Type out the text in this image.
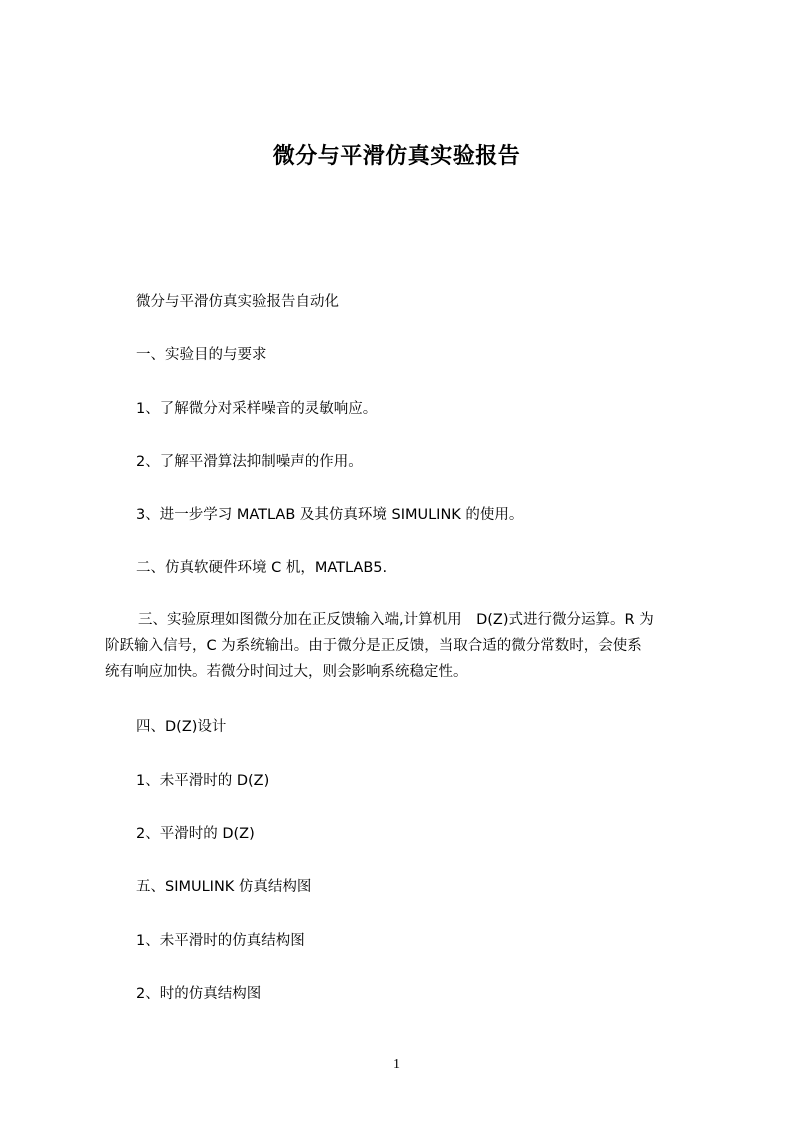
微分与平滑仿真实验报告
微分与平滑仿真实验报告自动化
一、实验目的与要求
1、了解微分对采样噪音的灵敏响应。
2、了解平滑算法抑制噪声的作用。
3、进一步学习 MATLAB 及其仿真环境 SIMULINK 的使用。
二、仿真软硬件环境 C 机，MATLAB5.
三、实验原理如图微分加在正反馈输入端,计算机用　D(Z)式进行微分运算。R 为
阶跃输入信号，C 为系统输出。由于微分是正反馈，当取合适的微分常数时，会使系
统有响应加快。若微分时间过大，则会影响系统稳定性。
四、D(Z)设计
1、未平滑时的 D(Z)
2、平滑时的 D(Z)
五、SIMULINK 仿真结构图
1、未平滑时的仿真结构图
2、时的仿真结构图
1
